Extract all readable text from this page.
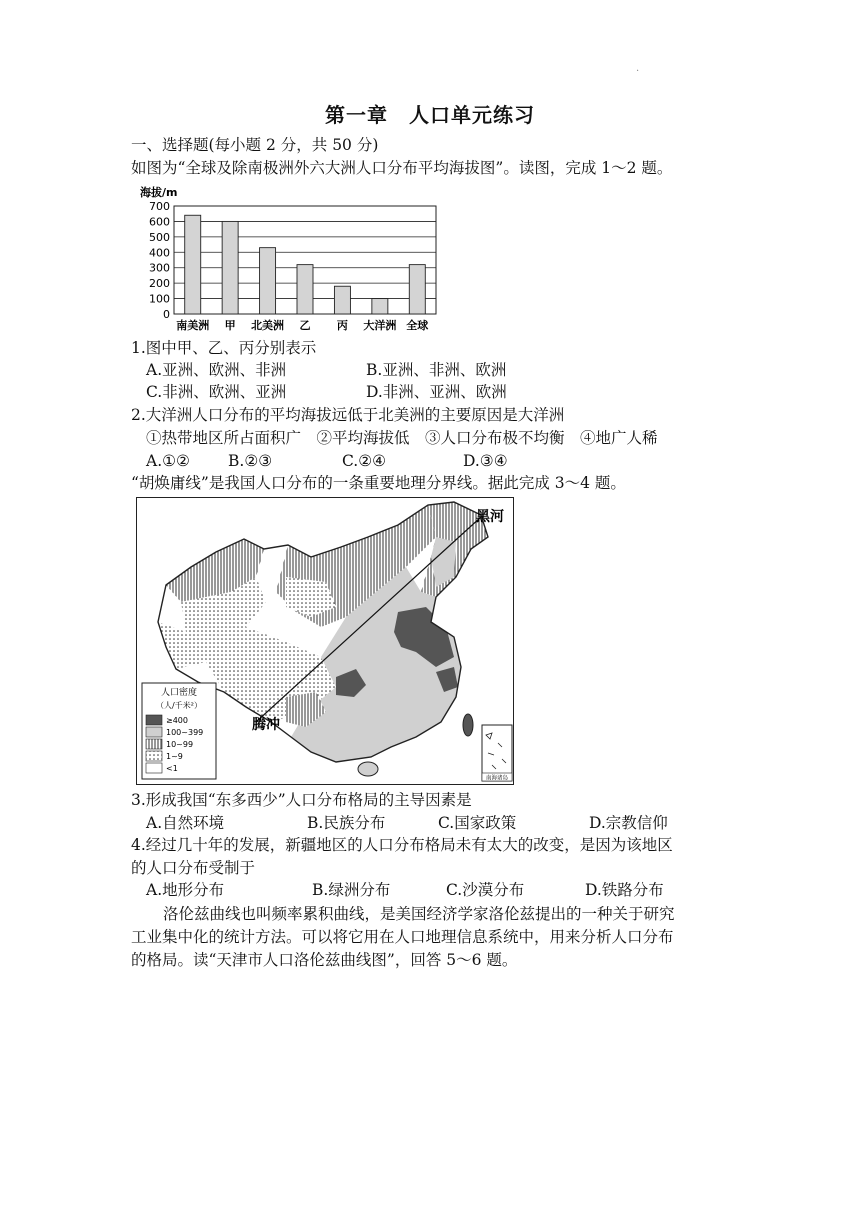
.
第一章　人口单元练习
一、选择题(每小题 2 分，共 50 分)
如图为“全球及除南极洲外六大洲人口分布平均海拔图”。读图，完成 1～2 题。
海拔/m
0
100
200
300
400
500
600
700
南美洲 甲 北美洲 乙 丙 大洋洲 全球
1.图中甲、乙、丙分别表示
A.亚洲、欧洲、非洲	B.亚洲、非洲、欧洲
C.非洲、欧洲、亚洲	D.非洲、亚洲、欧洲
2.大洋洲人口分布的平均海拔远低于北美洲的主要原因是大洋洲
①热带地区所占面积广　②平均海拔低　③人口分布极不均衡　④地广人稀
A.①② B.②③	C.②④	D.③④
“胡焕庸线”是我国人口分布的一条重要地理分界线。据此完成 3～4 题。
黑河
腾冲
人口密度
（人/千米²）
≥400
100~399
10~99
1~9
<1
南海诸岛
3.形成我国“东多西少”人口分布格局的主导因素是
A.自然环境	B.民族分布	C.国家政策	D.宗教信仰
4.经过几十年的发展，新疆地区的人口分布格局未有太大的改变，是因为该地区
的人口分布受制于
A.地形分布	B.绿洲分布	C.沙漠分布	D.铁路分布
洛伦兹曲线也叫频率累积曲线，是美国经济学家洛伦兹提出的一种关于研究
工业集中化的统计方法。可以将它用在人口地理信息系统中，用来分析人口分布
的格局。读“天津市人口洛伦兹曲线图”，回答 5～6 题。
